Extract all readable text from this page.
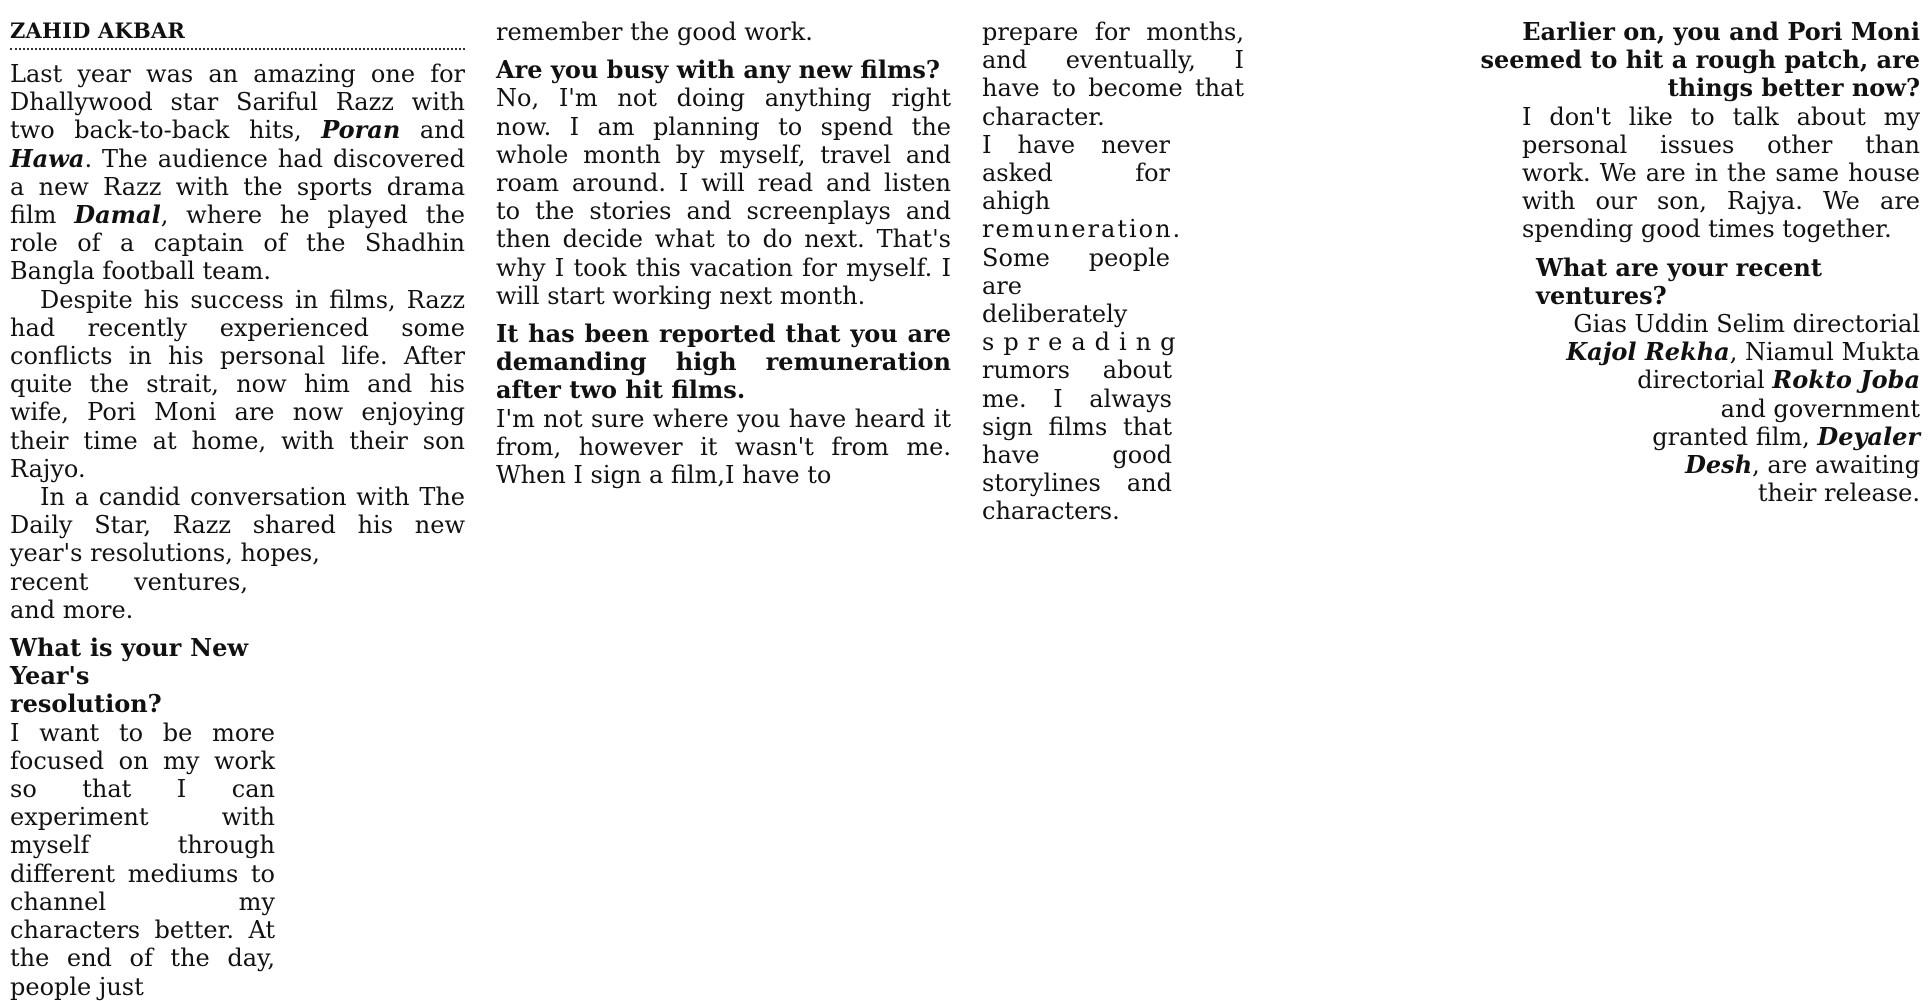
ZAHID AKBAR

Last year was an amazing one for Dhallywood star Sariful Razz with two back-to-back hits, Poran and Hawa. The audience had discovered a new Razz with the sports drama film Damal, where he played the role of a captain of the Shadhin Bangla football team.

Despite his success in films, Razz had recently experienced some conflicts in his personal life. After quite the strait, now him and his wife, Pori Moni are now enjoying their time at home, with their son Rajyo.

In a candid conversation with The Daily Star, Razz shared his new year's resolutions, hopes,

recent ventures, and more.

What is your New Year's resolution?

I want to be more focused on my work so that I can experiment with myself through different mediums to channel my characters better. At the end of the day, people just

remember the good work.

Are you busy with any new films?

No, I'm not doing anything right now. I am planning to spend the whole month by myself, travel and roam around. I will read and listen to the stories and screenplays and then decide what to do next. That's why I took this vacation for myself. I will start working next month.

It has been reported that you are demanding high remuneration after two hit films.

I'm not sure where you have heard it from, however it wasn't from me. When I sign a film,I have to

prepare for months, and eventually, I have to become that character.

I have never asked for ahigh

remuneration.

Some people are deliberately

spreading

rumors about me. I always sign films that have good storylines and characters.

Earlier on, you and Pori Moni seemed to hit a rough patch, are things better now?

I don't like to talk about my personal issues other than work. We are in the same house with our son, Rajya. We are spending good times together.

What are your recent ventures?
Gias Uddin Selim directorial
Kajol Rekha, Niamul Mukta
directorial Rokto Joba
and government
granted film, Deyaler
Desh, are awaiting
their release.
